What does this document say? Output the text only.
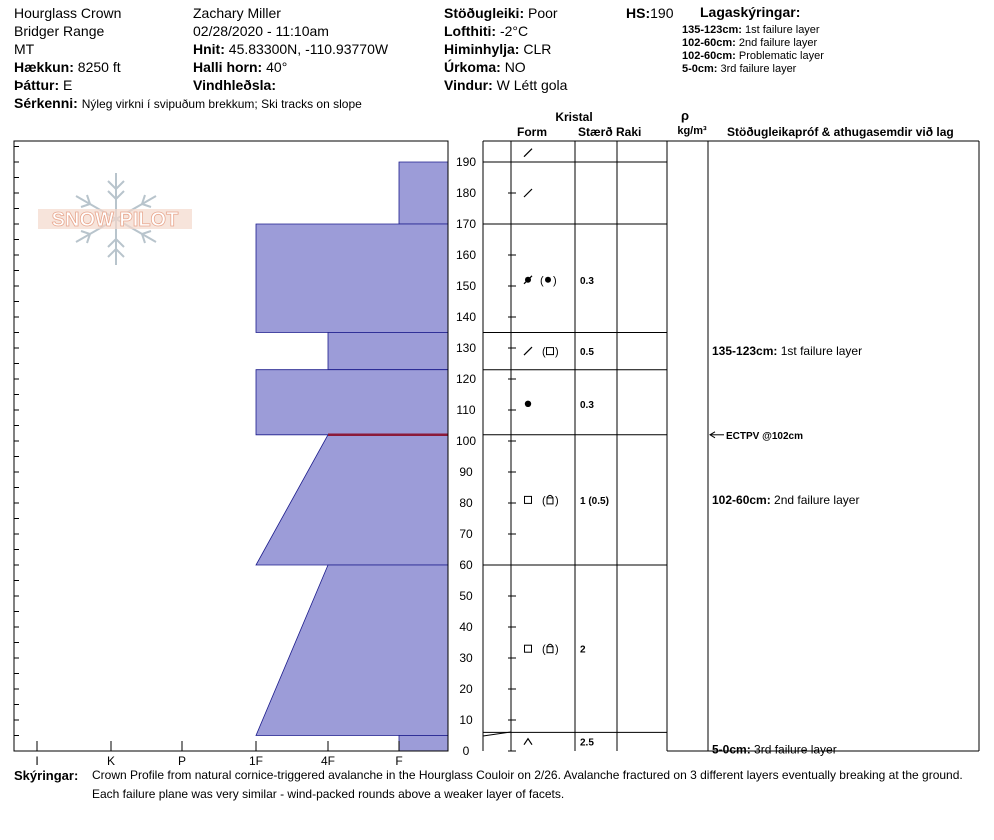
Hourglass Crown
Bridger Range
MT
Hækkun: 8250 ft
Þáttur: E
Sérkenni: Nýleg virkni í svipuðum brekkum; Ski tracks on slope
Zachary Miller
02/28/2020 - 11:10am
Hnit: 45.83300N, -110.93770W
Halli horn: 40°
Vindhleðsla:
Stöðugleiki: Poor
Lofthiti: -2°C
Himinhylja: CLR
Úrkoma: NO
Vindur: W Létt gola
HS:190 Lagaskýringar:
135-123cm: 1st failure layer
102-60cm: 2nd failure layer
102-60cm: Problematic layer
5-0cm: 3rd failure layer
I	K	P	1F	4F	F
0
10
20
30
40
50
60
70
80
90
100
110
120
130
140
150
160
170
180
190
SNOW PILOT
( ) 0.3
( ) 0.5
0.3
( ) 1 (0.5)
( ) 2
2.5
135-123cm: 1st failure layer
ECTPV @102cm
102-60cm: 2nd failure layer
5-0cm: 3rd failure layer
Kristal
Form	Stærð Raki
ρ
kg/m³ Stöðugleikapróf & athugasemdir við lag
Skýringar: Crown Profile from natural cornice-triggered avalanche in the Hourglass Couloir on 2/26. Avalanche fractured on 3 different layers eventually breaking at the ground. Each failure plane was very similar - wind-packed rounds above a weaker layer of facets.
